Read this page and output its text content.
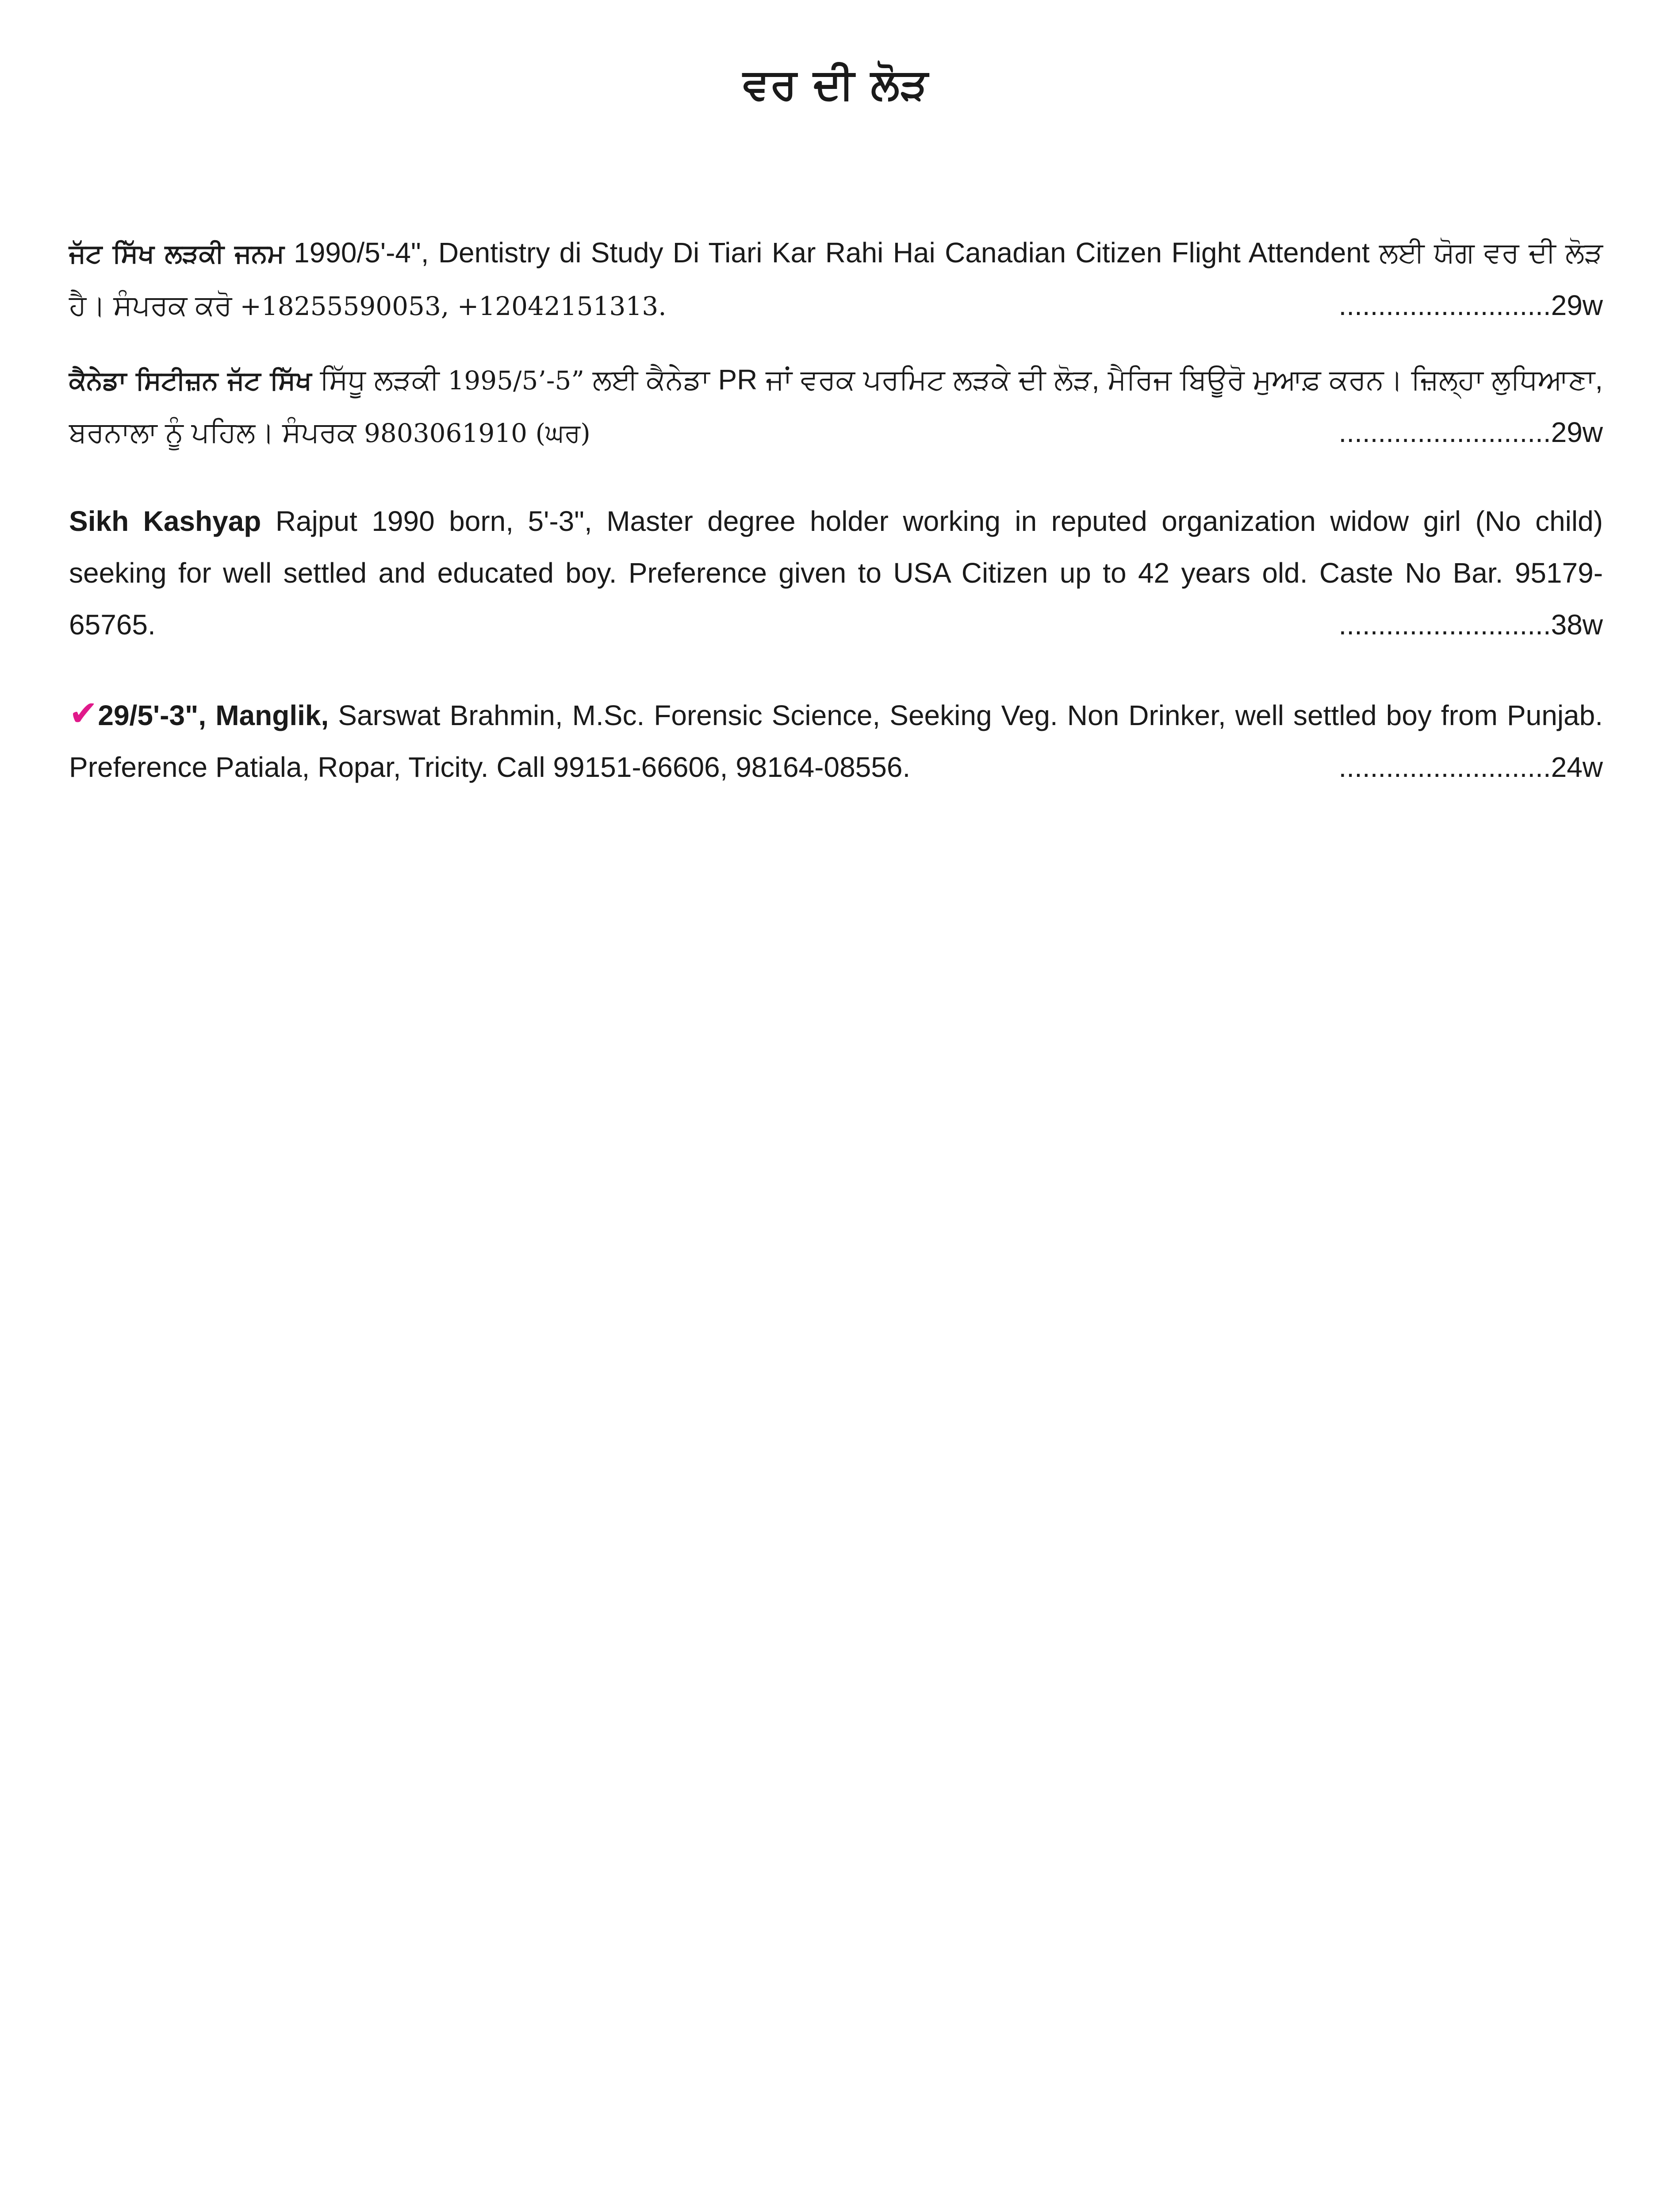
ਵਰ ਦੀ ਲੋੜ
ਜੱਟ ਸਿੱਖ ਲੜਕੀ ਜਨਮ 1990/5'-4", Dentistry di Study Di Tiari Kar Rahi Hai Canadian Citizen Flight Attendent ਲਈ ਯੋਗ ਵਰ ਦੀ ਲੋੜ ਹੈ। ਸੰਪਰਕ ਕਰੋ +18255590053, +12042151313.	...........................29w
ਕੈਨੇਡਾ ਸਿਟੀਜ਼ਨ ਜੱਟ ਸਿੱਖ ਸਿੱਧੂ ਲੜਕੀ 1995/5’-5” ਲਈ ਕੈਨੇਡਾ PR ਜਾਂ ਵਰਕ ਪਰਮਿਟ ਲੜਕੇ ਦੀ ਲੋੜ, ਮੈਰਿਜ ਬਿਊਰੋ ਮੁਆਫ਼ ਕਰਨ। ਜ਼ਿਲ੍ਹਾ ਲੁਧਿਆਣਾ, ਬਰਨਾਲਾ ਨੂੰ ਪਹਿਲ। ਸੰਪਰਕ 9803061910 (ਘਰ)	...........................29w
Sikh Kashyap Rajput 1990 born, 5'-3", Master degree holder working in reputed organization widow girl (No child) seeking for well settled and educated boy. Preference given to USA Citizen up to 42 years old. Caste No Bar. 95179-65765.	...........................38w
✔29/5'-3", Manglik, Sarswat Brahmin, M.Sc. Forensic Science, Seeking Veg. Non Drinker, well settled boy from Punjab. Preference Patiala, Ropar, Tricity. Call 99151-66606, 98164-08556.	...........................24w
